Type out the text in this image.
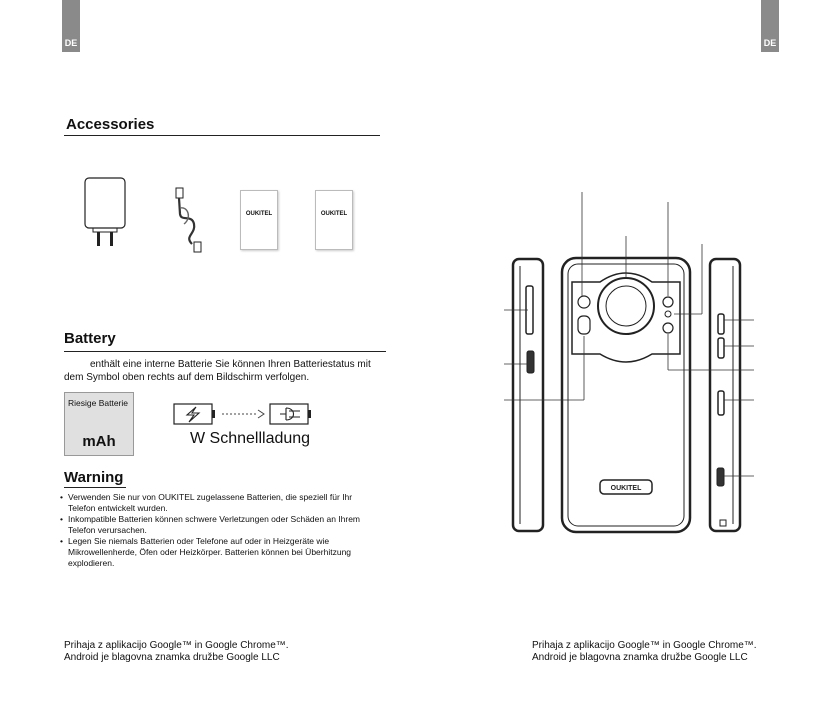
DE	DE
Accessories
OUKITEL	OUKITEL
Battery
enthält eine interne Batterie Sie können Ihren Batteriestatus mit
dem Symbol oben rechts auf dem Bildschirm verfolgen.
Riesige Batterie
mAh	W Schnellladung
Warning
• Verwenden Sie nur von OUKITEL zugelassene Batterien, die speziell für Ihr Telefon entwickelt wurden.
• Inkompatible Batterien können schwere Verletzungen oder Schäden an Ihrem Telefon verursachen.
• Legen Sie niemals Batterien oder Telefone auf oder in Heizgeräte wie Mikrowellenherde, Öfen oder Heizkörper. Batterien können bei Überhitzung explodieren.
Prihaja z aplikacijo Google™ in Google Chrome™.
Android je blagovna znamka družbe Google LLC
Prihaja z aplikacijo Google™ in Google Chrome™.
Android je blagovna znamka družbe Google LLC
OUKITEL
